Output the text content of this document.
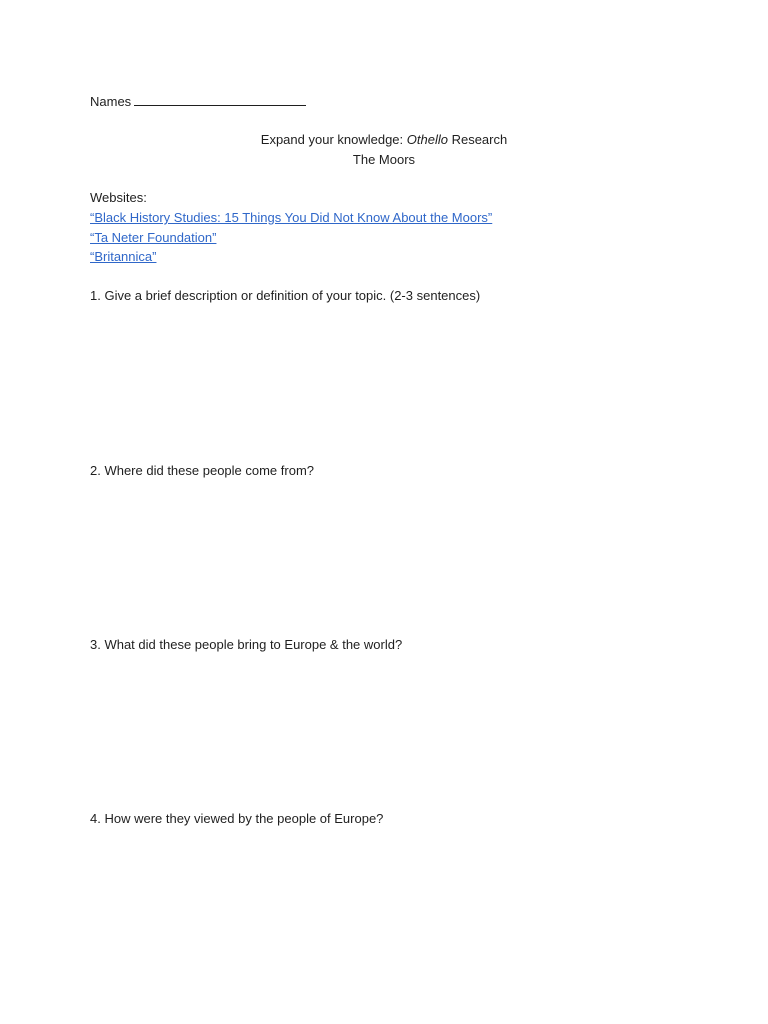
Names
Expand your knowledge: Othello Research
The Moors
Websites:
“Black History Studies: 15 Things You Did Not Know About the Moors”
“Ta Neter Foundation”
“Britannica”
1. Give a brief description or definition of your topic. (2-3 sentences)
2. Where did these people come from?
3. What did these people bring to Europe & the world?
4. How were they viewed by the people of Europe?
